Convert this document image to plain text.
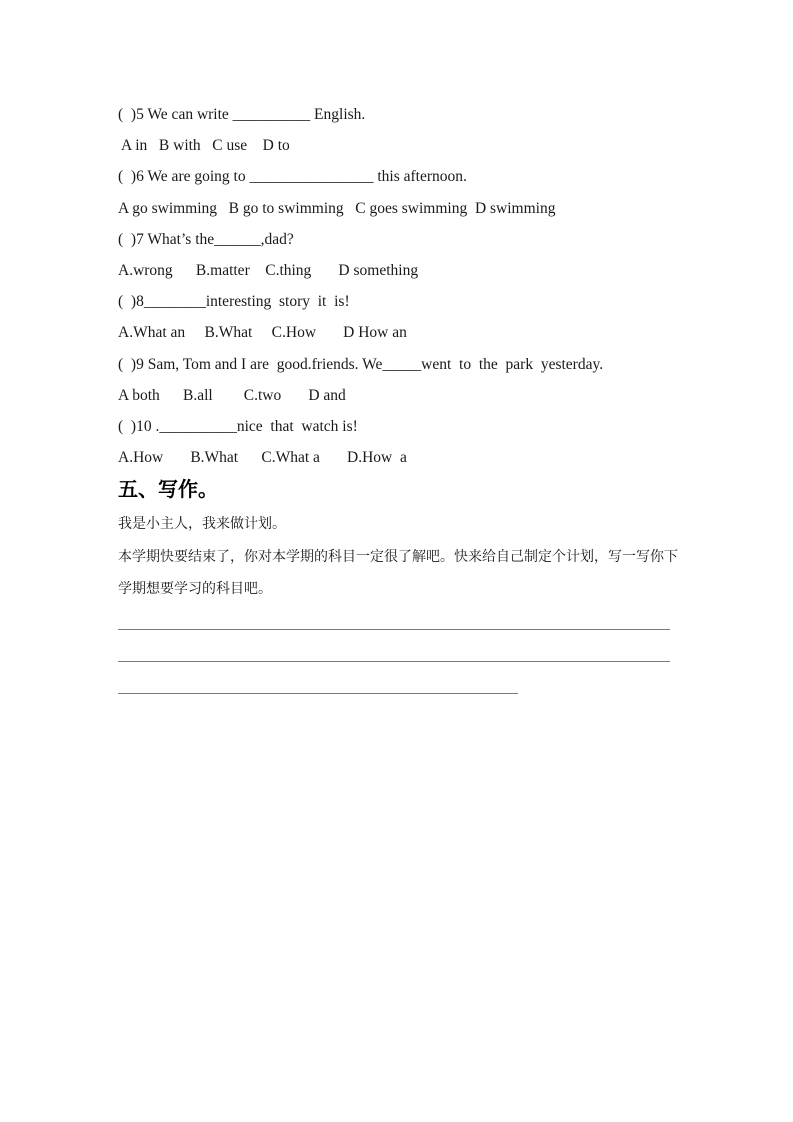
(  )5 We can write __________ English.
A in   B with   C use    D to
(  )6 We are going to ________________ this afternoon.
A go swimming   B go to swimming   C goes swimming  D swimming
(  )7 What’s the______,dad?
A.wrong      B.matter    C.thing       D something
(  )8________interesting  story  it  is!
A.What an     B.What     C.How       D How an
(  )9 Sam, Tom and I are  good.friends. We_____went  to  the  park  yesterday.
A both      B.all        C.two       D and
(  )10 .__________nice  that  watch is!
A.How       B.What      C.What a       D.How  a
五、写作。
我是小主人，我来做计划。
本学期快要结束了，你对本学期的科目一定很了解吧。快来给自己制定个计划，写一写你下
学期想要学习的科目吧。
